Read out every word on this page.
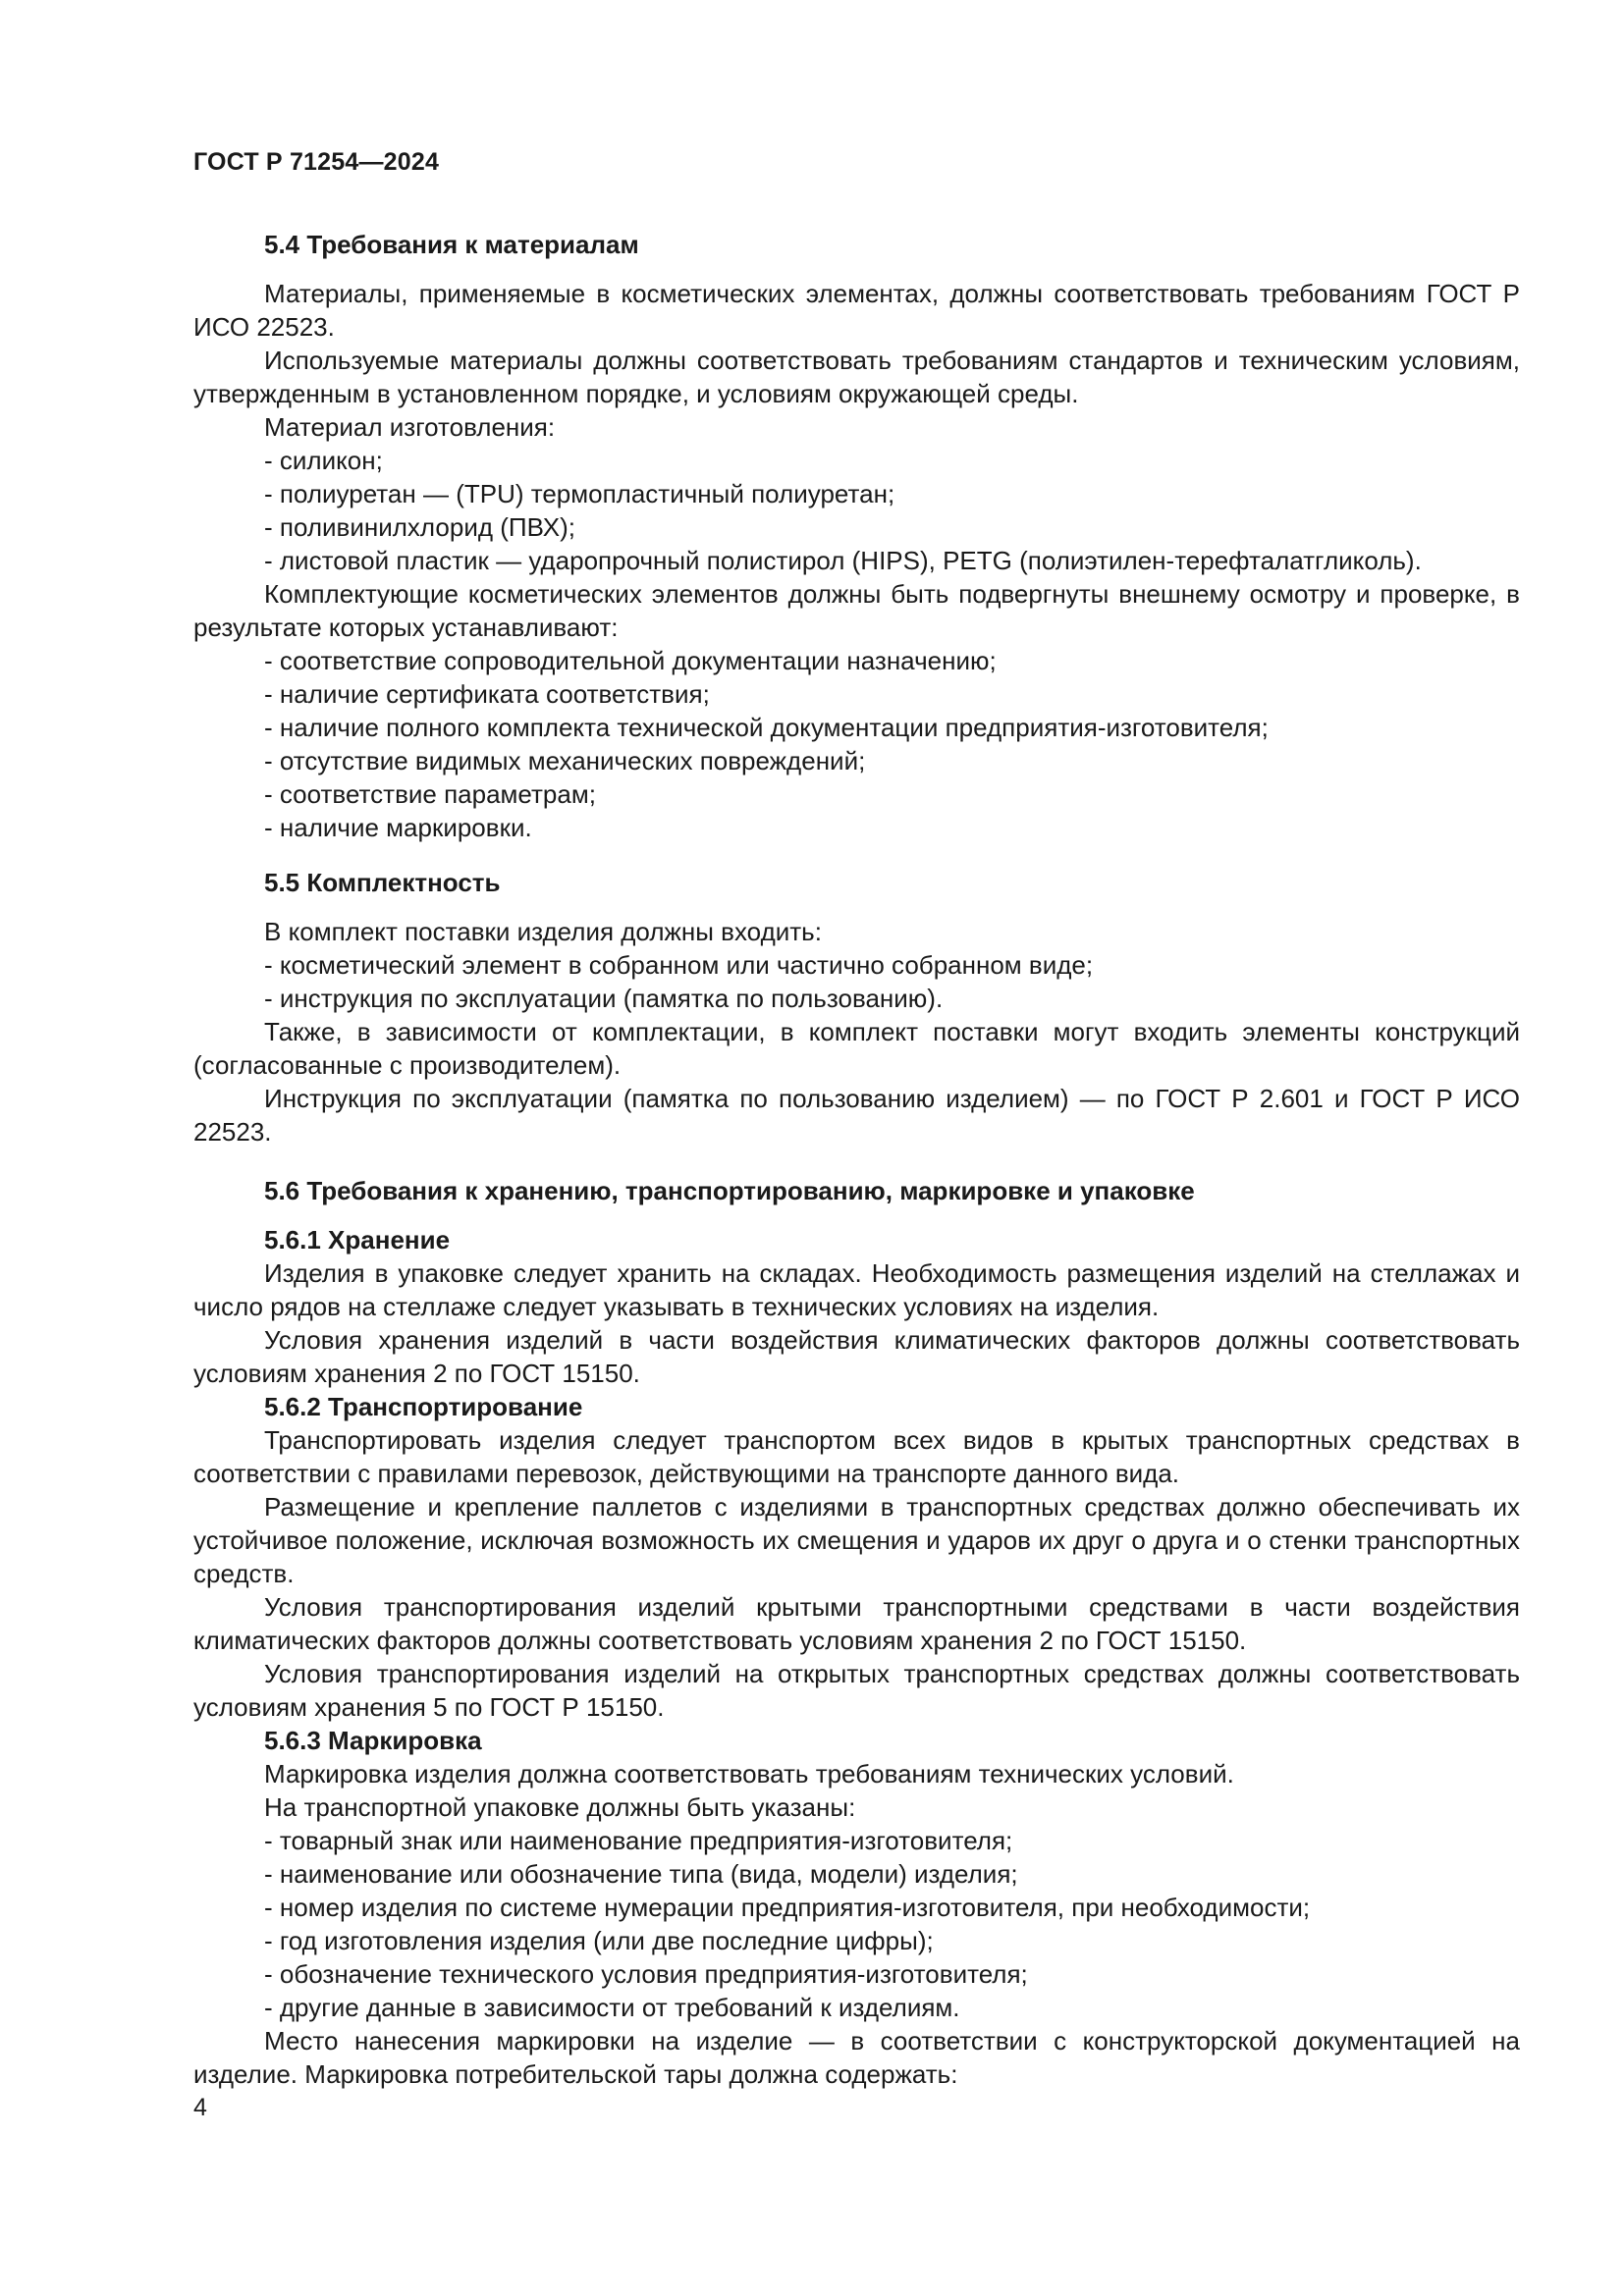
ГОСТ Р 71254—2024

5.4 Требования к материалам

Материалы, применяемые в косметических элементах, должны соответствовать требованиям ГОСТ Р ИСО 22523.

Используемые материалы должны соответствовать требованиям стандартов и техническим условиям, утвержденным в установленном порядке, и условиям окружающей среды.

Материал изготовления:

- силикон;

- полиуретан — (TPU) термопластичный полиуретан;

- поливинилхлорид (ПВХ);

- листовой пластик — ударопрочный полистирол (HIPS), PETG (полиэтилен-терефталатгликоль).

Комплектующие косметических элементов должны быть подвергнуты внешнему осмотру и проверке, в результате которых устанавливают:

- соответствие сопроводительной документации назначению;

- наличие сертификата соответствия;

- наличие полного комплекта технической документации предприятия-изготовителя;

- отсутствие видимых механических повреждений;

- соответствие параметрам;

- наличие маркировки.

5.5 Комплектность

В комплект поставки изделия должны входить:

- косметический элемент в собранном или частично собранном виде;

- инструкция по эксплуатации (памятка по пользованию).

Также, в зависимости от комплектации, в комплект поставки могут входить элементы конструкций (согласованные с производителем).

Инструкция по эксплуатации (памятка по пользованию изделием) — по ГОСТ Р 2.601 и ГОСТ Р ИСО 22523.

5.6 Требования к хранению, транспортированию, маркировке и упаковке

5.6.1 Хранение

Изделия в упаковке следует хранить на складах. Необходимость размещения изделий на стеллажах и число рядов на стеллаже следует указывать в технических условиях на изделия.

Условия хранения изделий в части воздействия климатических факторов должны соответствовать условиям хранения 2 по ГОСТ 15150.

5.6.2 Транспортирование

Транспортировать изделия следует транспортом всех видов в крытых транспортных средствах в соответствии с правилами перевозок, действующими на транспорте данного вида.

Размещение и крепление паллетов с изделиями в транспортных средствах должно обеспечивать их устойчивое положение, исключая возможность их смещения и ударов их друг о друга и о стенки транспортных средств.

Условия транспортирования изделий крытыми транспортными средствами в части воздействия климатических факторов должны соответствовать условиям хранения 2 по ГОСТ 15150.

Условия транспортирования изделий на открытых транспортных средствах должны соответствовать условиям хранения 5 по ГОСТ Р 15150.

5.6.3 Маркировка

Маркировка изделия должна соответствовать требованиям технических условий.

На транспортной упаковке должны быть указаны:

- товарный знак или наименование предприятия-изготовителя;

- наименование или обозначение типа (вида, модели) изделия;

- номер изделия по системе нумерации предприятия-изготовителя, при необходимости;

- год изготовления изделия (или две последние цифры);

- обозначение технического условия предприятия-изготовителя;

- другие данные в зависимости от требований к изделиям.

Место нанесения маркировки на изделие — в соответствии с конструкторской документацией на изделие. Маркировка потребительской тары должна содержать:

4
